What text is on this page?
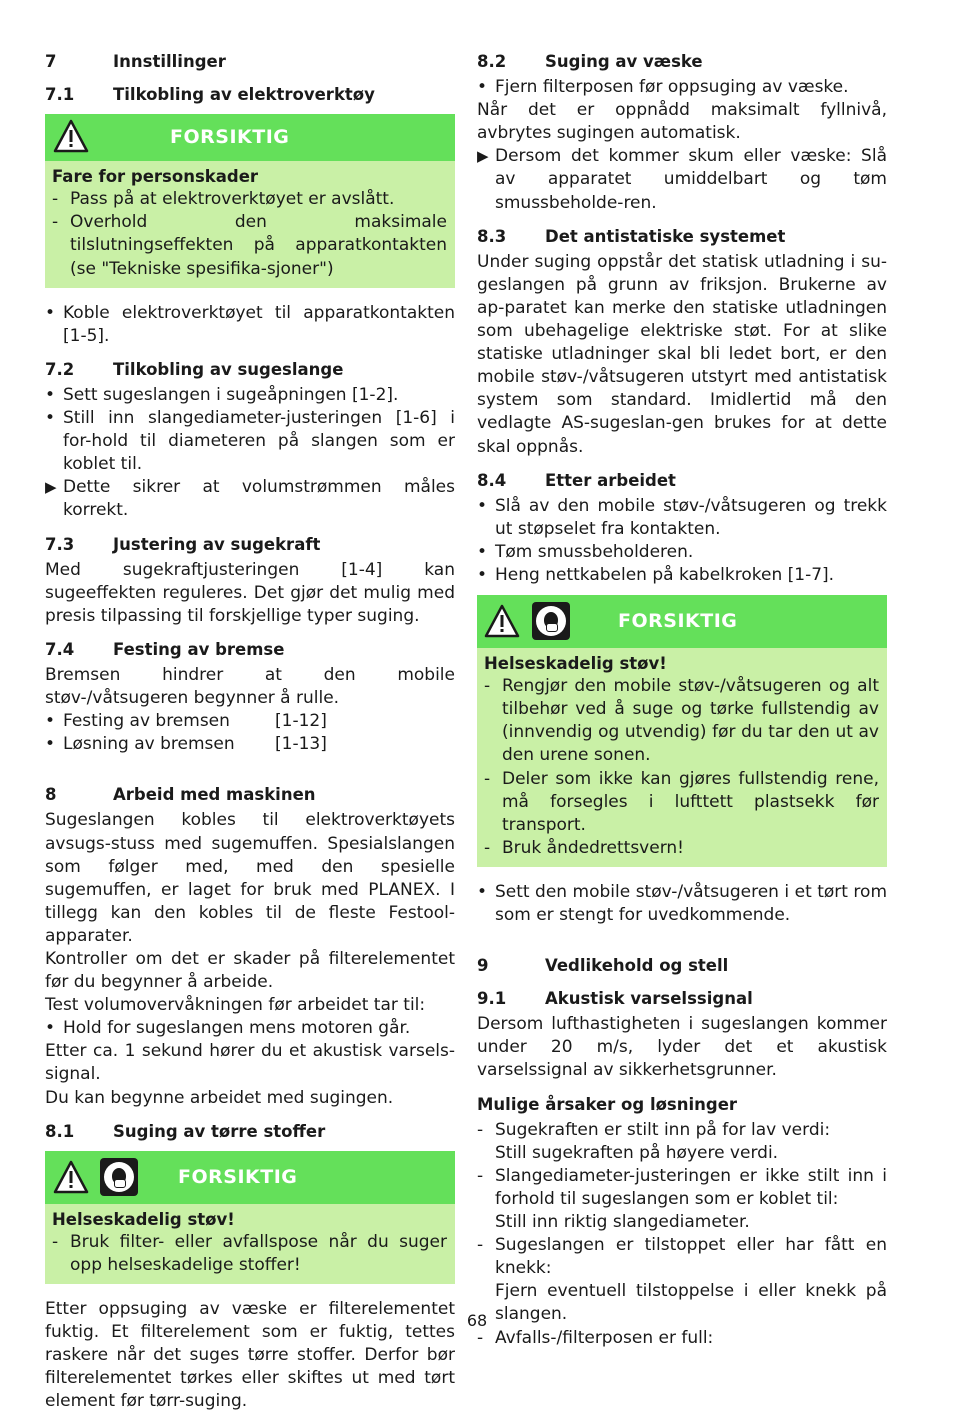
7	Innstillinger
7.1	Tilkobling av elektroverktøy
FORSIKTIG
Fare for personskader
- Pass på at elektroverktøyet er avslått.
- Overhold den maksimale tilslutningseffekten på apparatkontakten (se "Tekniske spesifika-sjoner")
• Koble elektroverktøyet til apparatkontakten [1-5].
7.2	Tilkobling av sugeslange
• Sett sugeslangen i sugeåpningen [1-2].
• Still inn slangediameter-justeringen [1-6] i for-hold til diameteren på slangen som er koblet til.
▶ Dette sikrer at volumstrømmen måles korrekt.
7.3	Justering av sugekraft

Med sugekraftjusteringen [1-4] kan sugeeffekten reguleres. Det gjør det mulig med presis tilpassing til forskjellige typer suging.

7.4	Festing av bremse

Bremsen hindrer at den mobile støv-/våtsugeren begynner å rulle.

• Festing av bremsen	[1-12]
• Løsning av bremsen	[1-13]
8	Arbeid med maskinen

Sugeslangen kobles til elektroverktøyets avsugs-stuss med sugemuffen. Spesialslangen som følger med, med den spesielle sugemuffen, er laget for bruk med PLANEX. I tillegg kan den kobles til de fleste Festool-apparater.

Kontroller om det er skader på filterelementet før du begynner å arbeide.

Test volumovervåkningen før arbeidet tar til:

• Hold for sugeslangen mens motoren går.

Etter ca. 1 sekund hører du et akustisk varsels-signal.

Du kan begynne arbeidet med sugingen.

8.1	Suging av tørre stoffer
FORSIKTIG
Helseskadelig støv!
- Bruk filter- eller avfallspose når du suger opp helseskadelige stoffer!

Etter oppsuging av væske er filterelementet fuktig. Et filterelement som er fuktig, tettes raskere når det suges tørre stoffer. Derfor bør filterelementet tørkes eller skiftes ut med tørt element før tørr-suging.

8.2	Suging av væske
• Fjern filterposen før oppsuging av væske.

Når det er oppnådd maksimalt fyllnivå, avbrytes sugingen automatisk.

▶ Dersom det kommer skum eller væske: Slå av apparatet umiddelbart og tøm smussbeholde-ren.
8.3	Det antistatiske systemet

Under suging oppstår det statisk utladning i su-geslangen på grunn av friksjon. Brukerne av ap-paratet kan merke den statiske utladningen som ubehagelige elektriske støt. For at slike statiske utladninger skal bli ledet bort, er den mobile støv-/våtsugeren utstyrt med antistatisk system som standard. Imidlertid må den vedlagte AS-sugeslan-gen brukes for at dette skal oppnås.

8.4	Etter arbeidet
• Slå av den mobile støv-/våtsugeren og trekk ut støpselet fra kontakten.
• Tøm smussbeholderen.
• Heng nettkabelen på kabelkroken [1-7].
FORSIKTIG
Helseskadelig støv!
- Rengjør den mobile støv-/våtsugeren og alt tilbehør ved å suge og tørke fullstendig av (innvendig og utvendig) før du tar den ut av den urene sonen.
- Deler som ikke kan gjøres fullstendig rene, må forsegles i lufttett plastsekk før transport.
- Bruk åndedrettsvern!
• Sett den mobile støv-/våtsugeren i et tørt rom som er stengt for uvedkommende.
9	Vedlikehold og stell
9.1	Akustisk varselssignal

Dersom lufthastigheten i sugeslangen kommer under 20 m/s, lyder det et akustisk varselssignal av sikkerhetsgrunner.

Mulige årsaker og løsninger
- Sugekraften er stilt inn på for lav verdi:
Still sugekraften på høyere verdi.
- Slangediameter-justeringen er ikke stilt inn i forhold til sugeslangen som er koblet til:
Still inn riktig slangediameter.
- Sugeslangen er tilstoppet eller har fått en knekk:
Fjern eventuell tilstoppelse i eller knekk på slangen.
- Avfalls-/filterposen er full:
68
